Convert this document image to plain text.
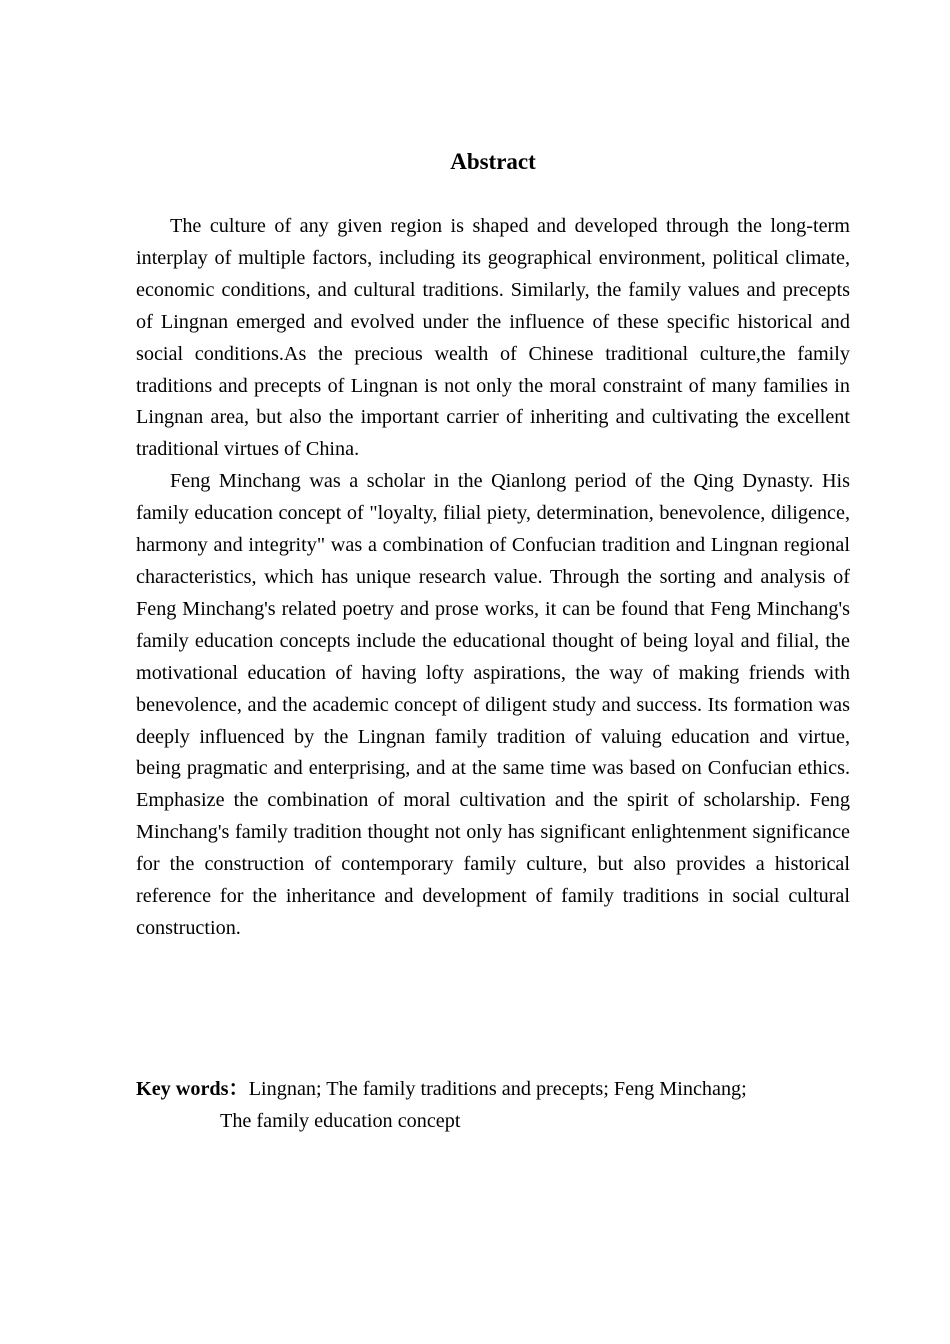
Abstract

The culture of any given region is shaped and developed through the long-term interplay of multiple factors, including its geographical environment, political climate, economic conditions, and cultural traditions. Similarly, the family values and precepts of Lingnan emerged and evolved under the influence of these specific historical and social conditions.As the precious wealth of Chinese traditional culture,the family traditions and precepts of Lingnan is not only the moral constraint of many families in Lingnan area, but also the important carrier of inheriting and cultivating the excellent traditional virtues of China.

Feng Minchang was a scholar in the Qianlong period of the Qing Dynasty. His family education concept of "loyalty, filial piety, determination, benevolence, diligence, harmony and integrity" was a combination of Confucian tradition and Lingnan regional characteristics, which has unique research value. Through the sorting and analysis of Feng Minchang's related poetry and prose works, it can be found that Feng Minchang's family education concepts include the educational thought of being loyal and filial, the motivational education of having lofty aspirations, the way of making friends with benevolence, and the academic concept of diligent study and success. Its formation was deeply influenced by the Lingnan family tradition of valuing education and virtue, being pragmatic and enterprising, and at the same time was based on Confucian ethics. Emphasize the combination of moral cultivation and the spirit of scholarship. Feng Minchang's family tradition thought not only has significant enlightenment significance for the construction of contemporary family culture, but also provides a historical reference for the inheritance and development of family traditions in social cultural construction.

Key words：Lingnan; The family traditions and precepts; Feng Minchang;
The family education concept
